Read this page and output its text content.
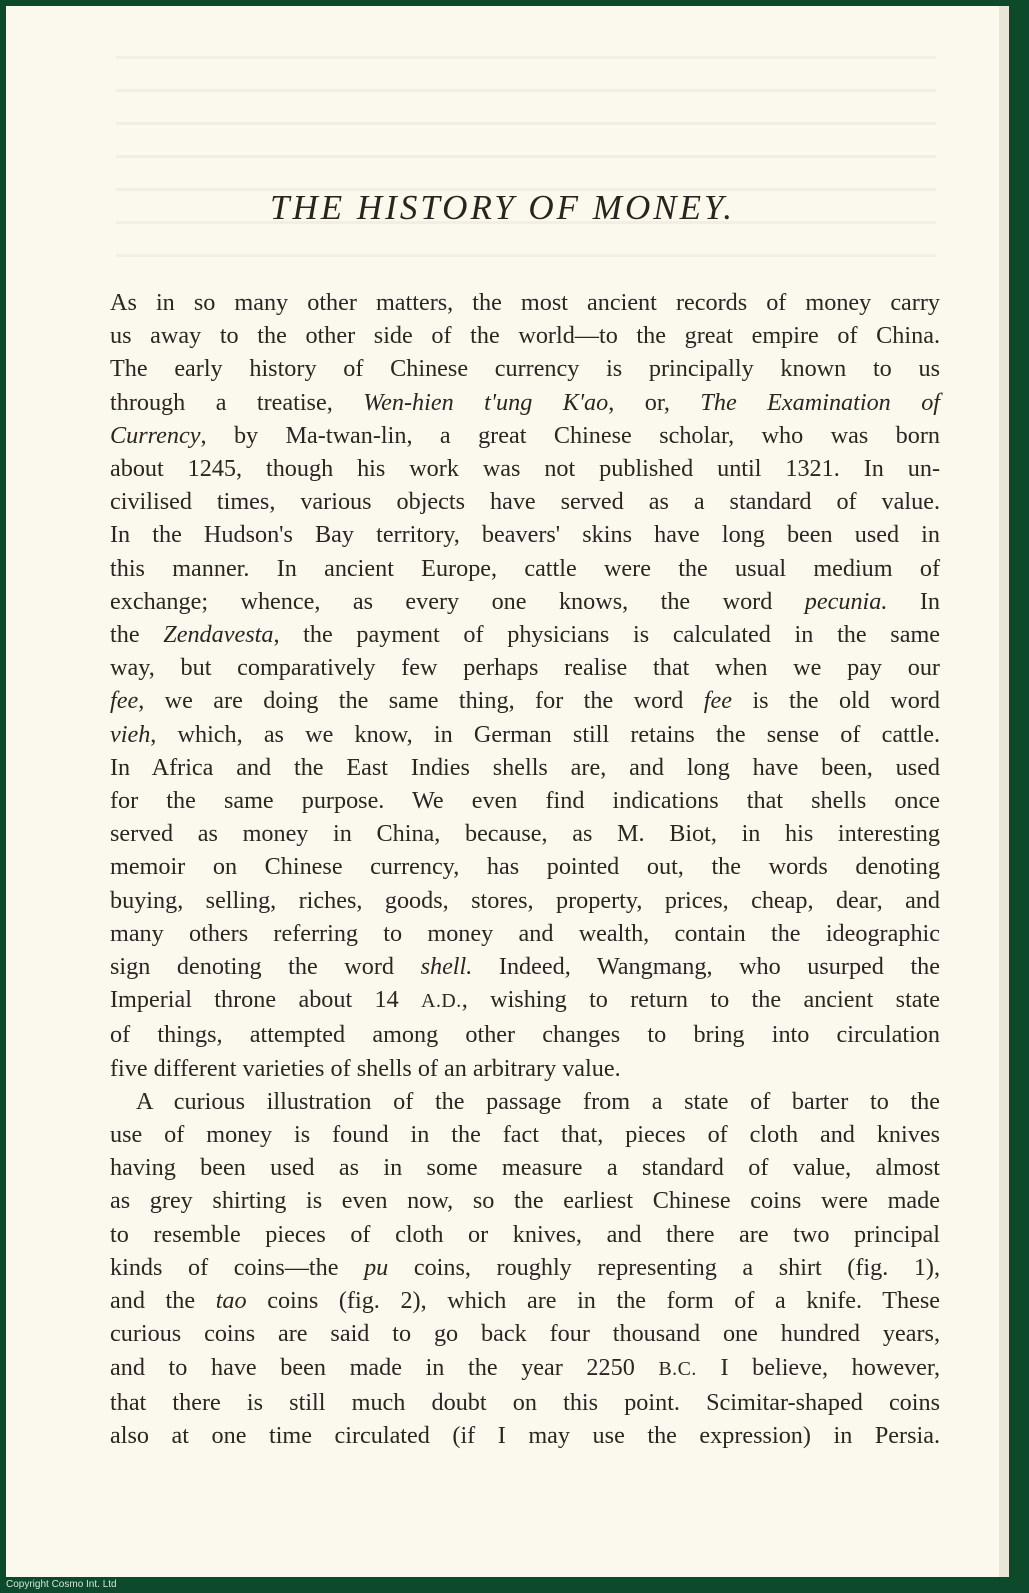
THE HISTORY OF MONEY.

As in so many other matters, the most ancient records of money carry
us away to the other side of the world—to the great empire of China.
The early history of Chinese currency is principally known to us
through a treatise, Wen-hien t'ung K'ao, or, The Examination of
Currency, by Ma-twan-lin, a great Chinese scholar, who was born
about 1245, though his work was not published until 1321. In un-
civilised times, various objects have served as a standard of value.
In the Hudson's Bay territory, beavers' skins have long been used in
this manner. In ancient Europe, cattle were the usual medium of
exchange; whence, as every one knows, the word pecunia. In
the Zendavesta, the payment of physicians is calculated in the same
way, but comparatively few perhaps realise that when we pay our
fee, we are doing the same thing, for the word fee is the old word
vieh, which, as we know, in German still retains the sense of cattle.
In Africa and the East Indies shells are, and long have been, used
for the same purpose. We even find indications that shells once
served as money in China, because, as M. Biot, in his interesting
memoir on Chinese currency, has pointed out, the words denoting
buying, selling, riches, goods, stores, property, prices, cheap, dear, and
many others referring to money and wealth, contain the ideographic
sign denoting the word shell. Indeed, Wangmang, who usurped the
Imperial throne about 14 A.D., wishing to return to the ancient state
of things, attempted among other changes to bring into circulation
five different varieties of shells of an arbitrary value.

A curious illustration of the passage from a state of barter to the
use of money is found in the fact that, pieces of cloth and knives
having been used as in some measure a standard of value, almost
as grey shirting is even now, so the earliest Chinese coins were made
to resemble pieces of cloth or knives, and there are two principal
kinds of coins—the pu coins, roughly representing a shirt (fig. 1),
and the tao coins (fig. 2), which are in the form of a knife. These
curious coins are said to go back four thousand one hundred years,
and to have been made in the year 2250 B.C. I believe, however,
that there is still much doubt on this point. Scimitar-shaped coins
also at one time circulated (if I may use the expression) in Persia.

Copyright Cosmo Int. Ltd
